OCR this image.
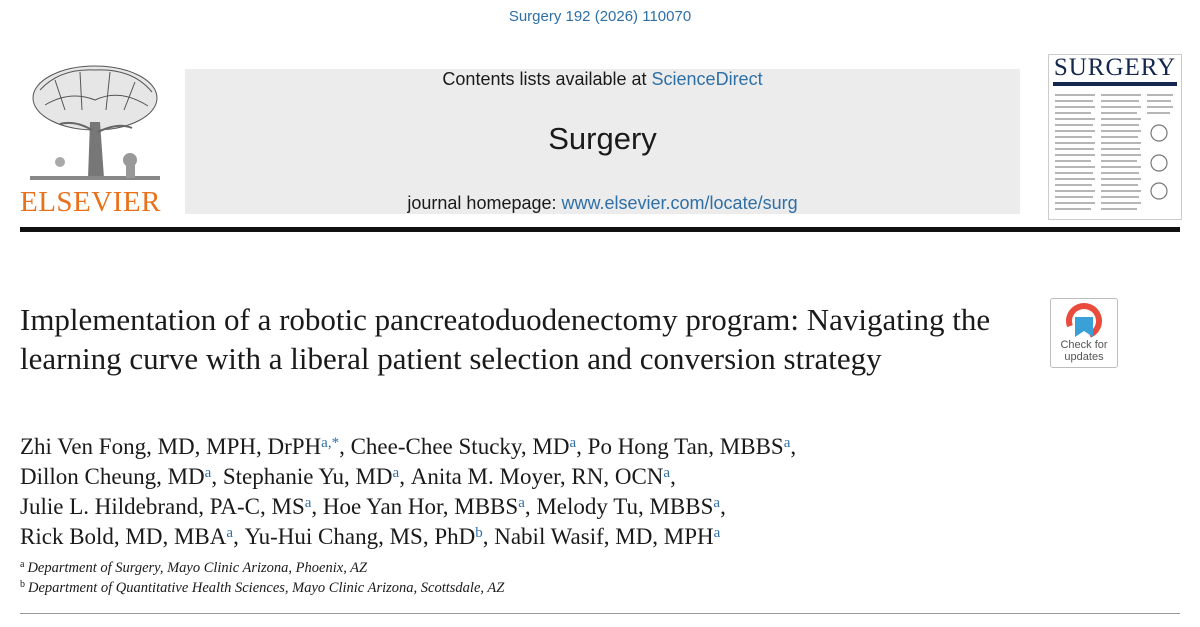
Surgery 192 (2026) 110070
ELSEVIER
Contents lists available at ScienceDirect
Surgery
journal homepage: www.elsevier.com/locate/surg
SURGERY
Implementation of a robotic pancreatoduodenectomy program: Navigating the learning curve with a liberal patient selection and conversion strategy	Check for
updates
Zhi Ven Fong, MD, MPH, DrPH$^{a,*}$, Chee-Chee Stucky, MD$^a$, Po Hong Tan, MBBS$^a$,
Dillon Cheung, MD$^a$, Stephanie Yu, MD$^a$, Anita M. Moyer, RN, OCN$^a$,
Julie L. Hildebrand, PA-C, MS$^a$, Hoe Yan Hor, MBBS$^a$, Melody Tu, MBBS$^a$,
Rick Bold, MD, MBA$^a$, Yu-Hui Chang, MS, PhD$^b$, Nabil Wasif, MD, MPH$^a$
$^a$ Department of Surgery, Mayo Clinic Arizona, Phoenix, AZ
$^b$ Department of Quantitative Health Sciences, Mayo Clinic Arizona, Scottsdale, AZ
